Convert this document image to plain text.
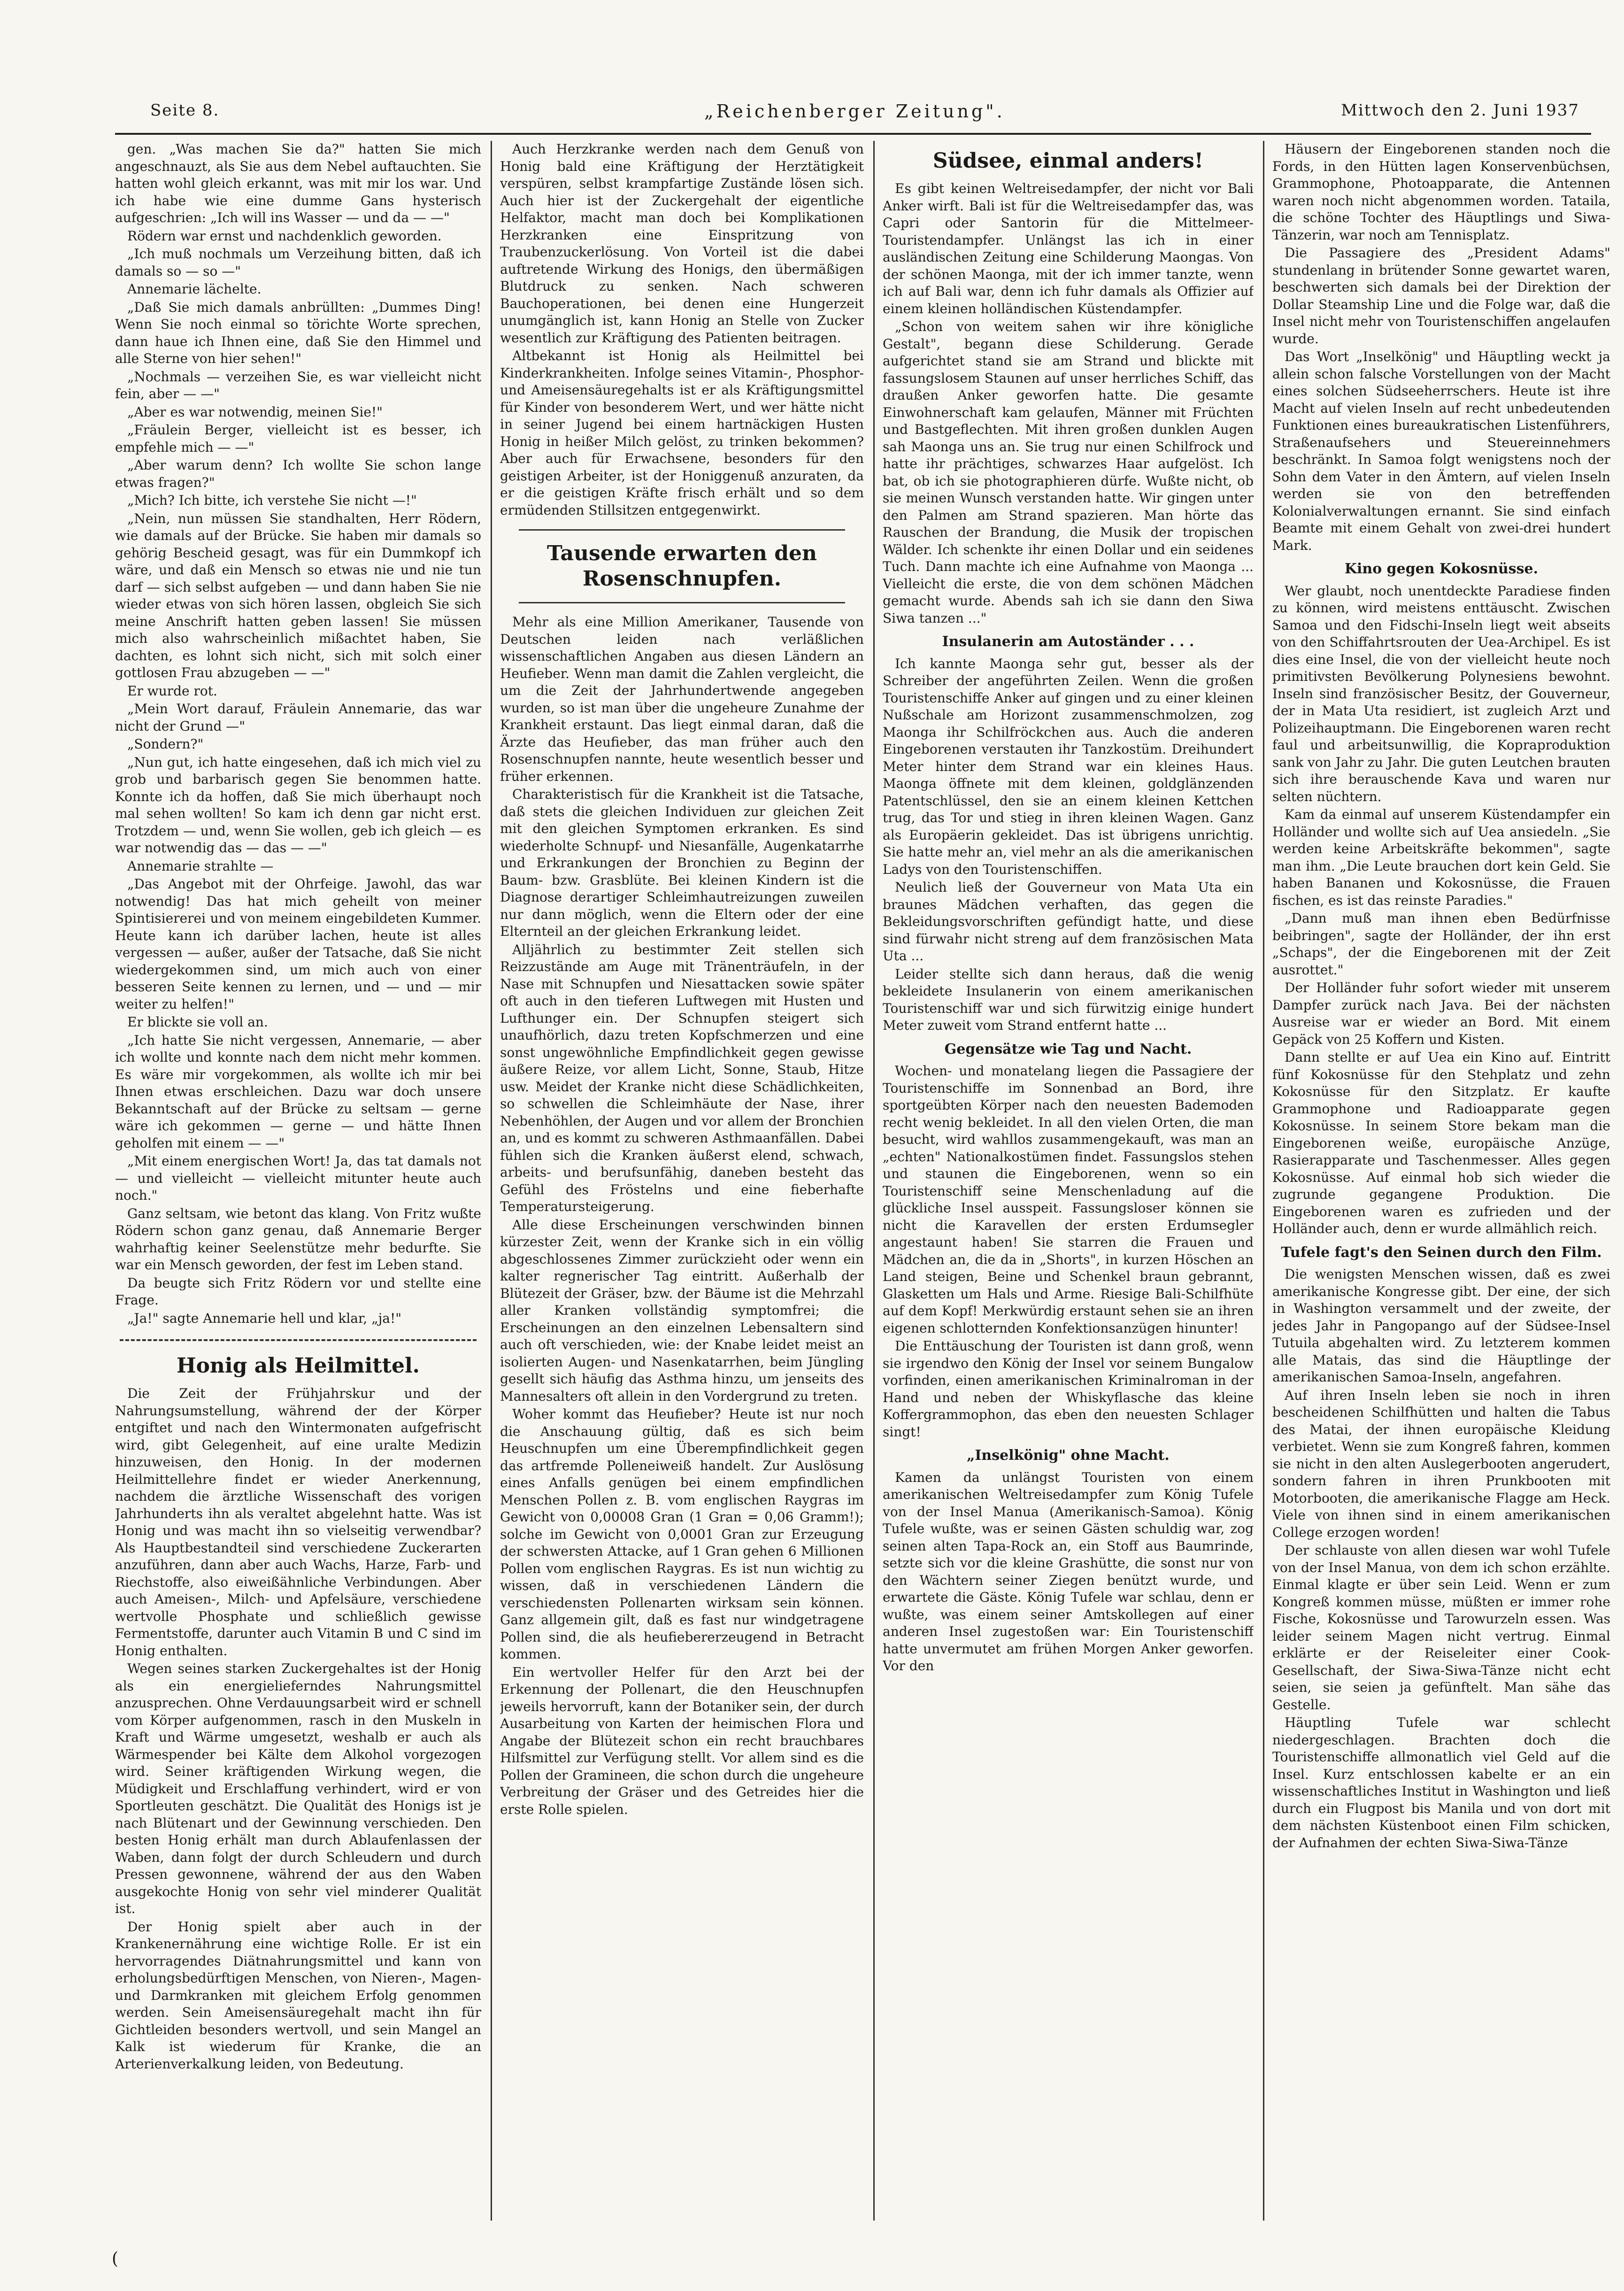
Seite 8.	„Reichenberger Zeitung".	Mittwoch den 2. Juni 1937

gen. „Was machen Sie da?" hatten Sie mich angeschnauzt, als Sie aus dem Nebel auftauchten. Sie hatten wohl gleich erkannt, was mit mir los war. Und ich habe wie eine dumme Gans hysterisch aufgeschrien: „Ich will ins Wasser — und da — —"

Rödern war ernst und nachdenklich geworden.

„Ich muß nochmals um Verzeihung bitten, daß ich damals so — so —"

Annemarie lächelte.

„Daß Sie mich damals anbrüllten: „Dummes Ding! Wenn Sie noch einmal so törichte Worte sprechen, dann haue ich Ihnen eine, daß Sie den Himmel und alle Sterne von hier sehen!"

„Nochmals — verzeihen Sie, es war vielleicht nicht fein, aber — —"

„Aber es war notwendig, meinen Sie!"

„Fräulein Berger, vielleicht ist es besser, ich empfehle mich — —"

„Aber warum denn? Ich wollte Sie schon lange etwas fragen?"

„Mich? Ich bitte, ich verstehe Sie nicht —!"

„Nein, nun müssen Sie standhalten, Herr Rödern, wie damals auf der Brücke. Sie haben mir damals so gehörig Bescheid gesagt, was für ein Dummkopf ich wäre, und daß ein Mensch so etwas nie und nie tun darf — sich selbst aufgeben — und dann haben Sie nie wieder etwas von sich hören lassen, obgleich Sie sich meine Anschrift hatten geben lassen! Sie müssen mich also wahrscheinlich mißachtet haben, Sie dachten, es lohnt sich nicht, sich mit solch einer gottlosen Frau abzugeben — —"

Er wurde rot.

„Mein Wort darauf, Fräulein Annemarie, das war nicht der Grund —"

„Sondern?"

„Nun gut, ich hatte eingesehen, daß ich mich viel zu grob und barbarisch gegen Sie benommen hatte. Konnte ich da hoffen, daß Sie mich überhaupt noch mal sehen wollten! So kam ich denn gar nicht erst. Trotzdem — und, wenn Sie wollen, geb ich gleich — es war notwendig das — das — —"

Annemarie strahlte —

„Das Angebot mit der Ohrfeige. Jawohl, das war notwendig! Das hat mich geheilt von meiner Spintisiererei und von meinem eingebildeten Kummer. Heute kann ich darüber lachen, heute ist alles vergessen — außer, außer der Tatsache, daß Sie nicht wiedergekommen sind, um mich auch von einer besseren Seite kennen zu lernen, und — und — mir weiter zu helfen!"

Er blickte sie voll an.

„Ich hatte Sie nicht vergessen, Annemarie, — aber ich wollte und konnte nach dem nicht mehr kommen. Es wäre mir vorgekommen, als wollte ich mir bei Ihnen etwas erschleichen. Dazu war doch unsere Bekanntschaft auf der Brücke zu seltsam — gerne wäre ich gekommen — gerne — und hätte Ihnen geholfen mit einem — —"

„Mit einem energischen Wort! Ja, das tat damals not — und vielleicht — vielleicht mitunter heute auch noch."

Ganz seltsam, wie betont das klang. Von Fritz wußte Rödern schon ganz genau, daß Annemarie Berger wahrhaftig keiner Seelenstütze mehr bedurfte. Sie war ein Mensch geworden, der fest im Leben stand.

Da beugte sich Fritz Rödern vor und stellte eine Frage.

„Ja!" sagte Annemarie hell und klar, „ja!"

Honig als Heilmittel.

Die Zeit der Frühjahrskur und der Nahrungsumstellung, während der der Körper entgiftet und nach den Wintermonaten aufgefrischt wird, gibt Gelegenheit, auf eine uralte Medizin hinzuweisen, den Honig. In der modernen Heilmittellehre findet er wieder Anerkennung, nachdem die ärztliche Wissenschaft des vorigen Jahrhunderts ihn als veraltet abgelehnt hatte. Was ist Honig und was macht ihn so vielseitig verwendbar? Als Hauptbestandteil sind verschiedene Zuckerarten anzuführen, dann aber auch Wachs, Harze, Farb- und Riechstoffe, also eiweißähnliche Verbindungen. Aber auch Ameisen-, Milch- und Apfelsäure, verschiedene wertvolle Phosphate und schließlich gewisse Fermentstoffe, darunter auch Vitamin B und C sind im Honig enthalten.

Wegen seines starken Zuckergehaltes ist der Honig als ein energielieferndes Nahrungsmittel anzusprechen. Ohne Verdauungsarbeit wird er schnell vom Körper aufgenommen, rasch in den Muskeln in Kraft und Wärme umgesetzt, weshalb er auch als Wärmespender bei Kälte dem Alkohol vorgezogen wird. Seiner kräftigenden Wirkung wegen, die Müdigkeit und Erschlaffung verhindert, wird er von Sportleuten geschätzt. Die Qualität des Honigs ist je nach Blütenart und der Gewinnung verschieden. Den besten Honig erhält man durch Ablaufenlassen der Waben, dann folgt der durch Schleudern und durch Pressen gewonnene, während der aus den Waben ausgekochte Honig von sehr viel minderer Qualität ist.

Der Honig spielt aber auch in der Krankenernährung eine wichtige Rolle. Er ist ein hervorragendes Diätnahrungsmittel und kann von erholungsbedürftigen Menschen, von Nieren-, Magen- und Darmkranken mit gleichem Erfolg genommen werden. Sein Ameisensäuregehalt macht ihn für Gichtleiden besonders wertvoll, und sein Mangel an Kalk ist wiederum für Kranke, die an Arterienverkalkung leiden, von Bedeutung.

Auch Herzkranke werden nach dem Genuß von Honig bald eine Kräftigung der Herztätigkeit verspüren, selbst krampfartige Zustände lösen sich. Auch hier ist der Zuckergehalt der eigentliche Helfaktor, macht man doch bei Komplikationen Herzkranken eine Einspritzung von Traubenzuckerlösung. Von Vorteil ist die dabei auftretende Wirkung des Honigs, den übermäßigen Blutdruck zu senken. Nach schweren Bauchoperationen, bei denen eine Hungerzeit unumgänglich ist, kann Honig an Stelle von Zucker wesentlich zur Kräftigung des Patienten beitragen.

Altbekannt ist Honig als Heilmittel bei Kinderkrankheiten. Infolge seines Vitamin-, Phosphor- und Ameisensäuregehalts ist er als Kräftigungsmittel für Kinder von besonderem Wert, und wer hätte nicht in seiner Jugend bei einem hartnäckigen Husten Honig in heißer Milch gelöst, zu trinken bekommen? Aber auch für Erwachsene, besonders für den geistigen Arbeiter, ist der Honiggenuß anzuraten, da er die geistigen Kräfte frisch erhält und so dem ermüdenden Stillsitzen entgegenwirkt.

Tausende erwarten den Rosenschnupfen.

Mehr als eine Million Amerikaner, Tausende von Deutschen leiden nach verläßlichen wissenschaftlichen Angaben aus diesen Ländern an Heufieber. Wenn man damit die Zahlen vergleicht, die um die Zeit der Jahrhundertwende angegeben wurden, so ist man über die ungeheure Zunahme der Krankheit erstaunt. Das liegt einmal daran, daß die Ärzte das Heufieber, das man früher auch den Rosenschnupfen nannte, heute wesentlich besser und früher erkennen.

Charakteristisch für die Krankheit ist die Tatsache, daß stets die gleichen Individuen zur gleichen Zeit mit den gleichen Symptomen erkranken. Es sind wiederholte Schnupf- und Niesanfälle, Augenkatarrhe und Erkrankungen der Bronchien zu Beginn der Baum- bzw. Grasblüte. Bei kleinen Kindern ist die Diagnose derartiger Schleimhautreizungen zuweilen nur dann möglich, wenn die Eltern oder der eine Elternteil an der gleichen Erkrankung leidet.

Alljährlich zu bestimmter Zeit stellen sich Reizzustände am Auge mit Tränenträufeln, in der Nase mit Schnupfen und Niesattacken sowie später oft auch in den tieferen Luftwegen mit Husten und Lufthunger ein. Der Schnupfen steigert sich unaufhörlich, dazu treten Kopfschmerzen und eine sonst ungewöhnliche Empfindlichkeit gegen gewisse äußere Reize, vor allem Licht, Sonne, Staub, Hitze usw. Meidet der Kranke nicht diese Schädlichkeiten, so schwellen die Schleimhäute der Nase, ihrer Nebenhöhlen, der Augen und vor allem der Bronchien an, und es kommt zu schweren Asthmaanfällen. Dabei fühlen sich die Kranken äußerst elend, schwach, arbeits- und berufsunfähig, daneben besteht das Gefühl des Fröstelns und eine fieberhafte Temperatursteigerung.

Alle diese Erscheinungen verschwinden binnen kürzester Zeit, wenn der Kranke sich in ein völlig abgeschlossenes Zimmer zurückzieht oder wenn ein kalter regnerischer Tag eintritt. Außerhalb der Blütezeit der Gräser, bzw. der Bäume ist die Mehrzahl aller Kranken vollständig symptomfrei; die Erscheinungen an den einzelnen Lebensaltern sind auch oft verschieden, wie: der Knabe leidet meist an isolierten Augen- und Nasenkatarrhen, beim Jüngling gesellt sich häufig das Asthma hinzu, um jenseits des Mannesalters oft allein in den Vordergrund zu treten.

Woher kommt das Heufieber? Heute ist nur noch die Anschauung gültig, daß es sich beim Heuschnupfen um eine Überempfindlichkeit gegen das artfremde Polleneiweiß handelt. Zur Auslösung eines Anfalls genügen bei einem empfindlichen Menschen Pollen z. B. vom englischen Raygras im Gewicht von 0,00008 Gran (1 Gran = 0,06 Gramm!); solche im Gewicht von 0,0001 Gran zur Erzeugung der schwersten Attacke, auf 1 Gran gehen 6 Millionen Pollen vom englischen Raygras. Es ist nun wichtig zu wissen, daß in verschiedenen Ländern die verschiedensten Pollenarten wirksam sein können. Ganz allgemein gilt, daß es fast nur windgetragene Pollen sind, die als heufiebererzeugend in Betracht kommen.

Ein wertvoller Helfer für den Arzt bei der Erkennung der Pollenart, die den Heuschnupfen jeweils hervorruft, kann der Botaniker sein, der durch Ausarbeitung von Karten der heimischen Flora und Angabe der Blütezeit schon ein recht brauchbares Hilfsmittel zur Verfügung stellt. Vor allem sind es die Pollen der Gramineen, die schon durch die ungeheure Verbreitung der Gräser und des Getreides hier die erste Rolle spielen.

Südsee, einmal anders!

Es gibt keinen Weltreisedampfer, der nicht vor Bali Anker wirft. Bali ist für die Weltreisedampfer das, was Capri oder Santorin für die Mittelmeer-Touristendampfer. Unlängst las ich in einer ausländischen Zeitung eine Schilderung Maongas. Von der schönen Maonga, mit der ich immer tanzte, wenn ich auf Bali war, denn ich fuhr damals als Offizier auf einem kleinen holländischen Küstendampfer.

„Schon von weitem sahen wir ihre königliche Gestalt", begann diese Schilderung. Gerade aufgerichtet stand sie am Strand und blickte mit fassungslosem Staunen auf unser herrliches Schiff, das draußen Anker geworfen hatte. Die gesamte Einwohnerschaft kam gelaufen, Männer mit Früchten und Bastgeflechten. Mit ihren großen dunklen Augen sah Maonga uns an. Sie trug nur einen Schilfrock und hatte ihr prächtiges, schwarzes Haar aufgelöst. Ich bat, ob ich sie photographieren dürfe. Wußte nicht, ob sie meinen Wunsch verstanden hatte. Wir gingen unter den Palmen am Strand spazieren. Man hörte das Rauschen der Brandung, die Musik der tropischen Wälder. Ich schenkte ihr einen Dollar und ein seidenes Tuch. Dann machte ich eine Aufnahme von Maonga ... Vielleicht die erste, die von dem schönen Mädchen gemacht wurde. Abends sah ich sie dann den Siwa Siwa tanzen ..."

Insulanerin am Autoständer . . .

Ich kannte Maonga sehr gut, besser als der Schreiber der angeführten Zeilen. Wenn die großen Touristenschiffe Anker auf gingen und zu einer kleinen Nußschale am Horizont zusammenschmolzen, zog Maonga ihr Schilfröckchen aus. Auch die anderen Eingeborenen verstauten ihr Tanzkostüm. Dreihundert Meter hinter dem Strand war ein kleines Haus. Maonga öffnete mit dem kleinen, goldglänzenden Patentschlüssel, den sie an einem kleinen Kettchen trug, das Tor und stieg in ihren kleinen Wagen. Ganz als Europäerin gekleidet. Das ist übrigens unrichtig. Sie hatte mehr an, viel mehr an als die amerikanischen Ladys von den Touristenschiffen.

Neulich ließ der Gouverneur von Mata Uta ein braunes Mädchen verhaften, das gegen die Bekleidungsvorschriften gefündigt hatte, und diese sind fürwahr nicht streng auf dem französischen Mata Uta ...

Leider stellte sich dann heraus, daß die wenig bekleidete Insulanerin von einem amerikanischen Touristenschiff war und sich fürwitzig einige hundert Meter zuweit vom Strand entfernt hatte ...

Gegensätze wie Tag und Nacht.

Wochen- und monatelang liegen die Passagiere der Touristenschiffe im Sonnenbad an Bord, ihre sportgeübten Körper nach den neuesten Bademoden recht wenig bekleidet. In all den vielen Orten, die man besucht, wird wahllos zusammengekauft, was man an „echten" Nationalkostümen findet. Fassungslos stehen und staunen die Eingeborenen, wenn so ein Touristenschiff seine Menschenladung auf die glückliche Insel ausspeit. Fassungsloser können sie nicht die Karavellen der ersten Erdumsegler angestaunt haben! Sie starren die Frauen und Mädchen an, die da in „Shorts", in kurzen Höschen an Land steigen, Beine und Schenkel braun gebrannt, Glasketten um Hals und Arme. Riesige Bali-Schilfhüte auf dem Kopf! Merkwürdig erstaunt sehen sie an ihren eigenen schlotternden Konfektionsanzügen hinunter!

Die Enttäuschung der Touristen ist dann groß, wenn sie irgendwo den König der Insel vor seinem Bungalow vorfinden, einen amerikanischen Kriminalroman in der Hand und neben der Whiskyflasche das kleine Koffergrammophon, das eben den neuesten Schlager singt!

„Inselkönig" ohne Macht.

Kamen da unlängst Touristen von einem amerikanischen Weltreisedampfer zum König Tufele von der Insel Manua (Amerikanisch-Samoa). König Tufele wußte, was er seinen Gästen schuldig war, zog seinen alten Tapa-Rock an, ein Stoff aus Baumrinde, setzte sich vor die kleine Grashütte, die sonst nur von den Wächtern seiner Ziegen benützt wurde, und erwartete die Gäste. König Tufele war schlau, denn er wußte, was einem seiner Amtskollegen auf einer anderen Insel zugestoßen war: Ein Touristenschiff hatte unvermutet am frühen Morgen Anker geworfen. Vor den

Häusern der Eingeborenen standen noch die Fords, in den Hütten lagen Konservenbüchsen, Grammophone, Photoapparate, die Antennen waren noch nicht abgenommen worden. Tataila, die schöne Tochter des Häuptlings und Siwa-Tänzerin, war noch am Tennisplatz.

Die Passagiere des „President Adams" stundenlang in brütender Sonne gewartet waren, beschwerten sich damals bei der Direktion der Dollar Steamship Line und die Folge war, daß die Insel nicht mehr von Touristenschiffen angelaufen wurde.

Das Wort „Inselkönig" und Häuptling weckt ja allein schon falsche Vorstellungen von der Macht eines solchen Südseeherrschers. Heute ist ihre Macht auf vielen Inseln auf recht unbedeutenden Funktionen eines bureaukratischen Listenführers, Straßenaufsehers und Steuereinnehmers beschränkt. In Samoa folgt wenigstens noch der Sohn dem Vater in den Ämtern, auf vielen Inseln werden sie von den betreffenden Kolonialverwaltungen ernannt. Sie sind einfach Beamte mit einem Gehalt von zwei-drei hundert Mark.

Kino gegen Kokosnüsse.

Wer glaubt, noch unentdeckte Paradiese finden zu können, wird meistens enttäuscht. Zwischen Samoa und den Fidschi-Inseln liegt weit abseits von den Schiffahrtsrouten der Uea-Archipel. Es ist dies eine Insel, die von der vielleicht heute noch primitivsten Bevölkerung Polynesiens bewohnt. Inseln sind französischer Besitz, der Gouverneur, der in Mata Uta residiert, ist zugleich Arzt und Polizeihauptmann. Die Eingeborenen waren recht faul und arbeitsunwillig, die Kopraproduktion sank von Jahr zu Jahr. Die guten Leutchen brauten sich ihre berauschende Kava und waren nur selten nüchtern.

Kam da einmal auf unserem Küstendampfer ein Holländer und wollte sich auf Uea ansiedeln. „Sie werden keine Arbeitskräfte bekommen", sagte man ihm. „Die Leute brauchen dort kein Geld. Sie haben Bananen und Kokosnüsse, die Frauen fischen, es ist das reinste Paradies."

„Dann muß man ihnen eben Bedürfnisse beibringen", sagte der Holländer, der ihn erst „Schaps", der die Eingeborenen mit der Zeit ausrottet."

Der Holländer fuhr sofort wieder mit unserem Dampfer zurück nach Java. Bei der nächsten Ausreise war er wieder an Bord. Mit einem Gepäck von 25 Koffern und Kisten.

Dann stellte er auf Uea ein Kino auf. Eintritt fünf Kokosnüsse für den Stehplatz und zehn Kokosnüsse für den Sitzplatz. Er kaufte Grammophone und Radioapparate gegen Kokosnüsse. In seinem Store bekam man die Eingeborenen weiße, europäische Anzüge, Rasierapparate und Taschenmesser. Alles gegen Kokosnüsse. Auf einmal hob sich wieder die zugrunde gegangene Produktion. Die Eingeborenen waren es zufrieden und der Holländer auch, denn er wurde allmählich reich.

Tufele fagt's den Seinen durch den Film.

Die wenigsten Menschen wissen, daß es zwei amerikanische Kongresse gibt. Der eine, der sich in Washington versammelt und der zweite, der jedes Jahr in Pangopango auf der Südsee-Insel Tutuila abgehalten wird. Zu letzterem kommen alle Matais, das sind die Häuptlinge der amerikanischen Samoa-Inseln, angefahren.

Auf ihren Inseln leben sie noch in ihren bescheidenen Schilfhütten und halten die Tabus des Matai, der ihnen europäische Kleidung verbietet. Wenn sie zum Kongreß fahren, kommen sie nicht in den alten Auslegerbooten angerudert, sondern fahren in ihren Prunkbooten mit Motorbooten, die amerikanische Flagge am Heck. Viele von ihnen sind in einem amerikanischen College erzogen worden!

Der schlauste von allen diesen war wohl Tufele von der Insel Manua, von dem ich schon erzählte. Einmal klagte er über sein Leid. Wenn er zum Kongreß kommen müsse, müßten er immer rohe Fische, Kokosnüsse und Tarowurzeln essen. Was leider seinem Magen nicht vertrug. Einmal erklärte er der Reiseleiter einer Cook-Gesellschaft, der Siwa-Siwa-Tänze nicht echt seien, sie seien ja gefünftelt. Man sähe das Gestelle.

Häuptling Tufele war schlecht niedergeschlagen. Brachten doch die Touristenschiffe allmonatlich viel Geld auf die Insel. Kurz entschlossen kabelte er an ein wissenschaftliches Institut in Washington und ließ durch ein Flugpost bis Manila und von dort mit dem nächsten Küstenboot einen Film schicken, der Aufnahmen der echten Siwa-Siwa-Tänze

(
